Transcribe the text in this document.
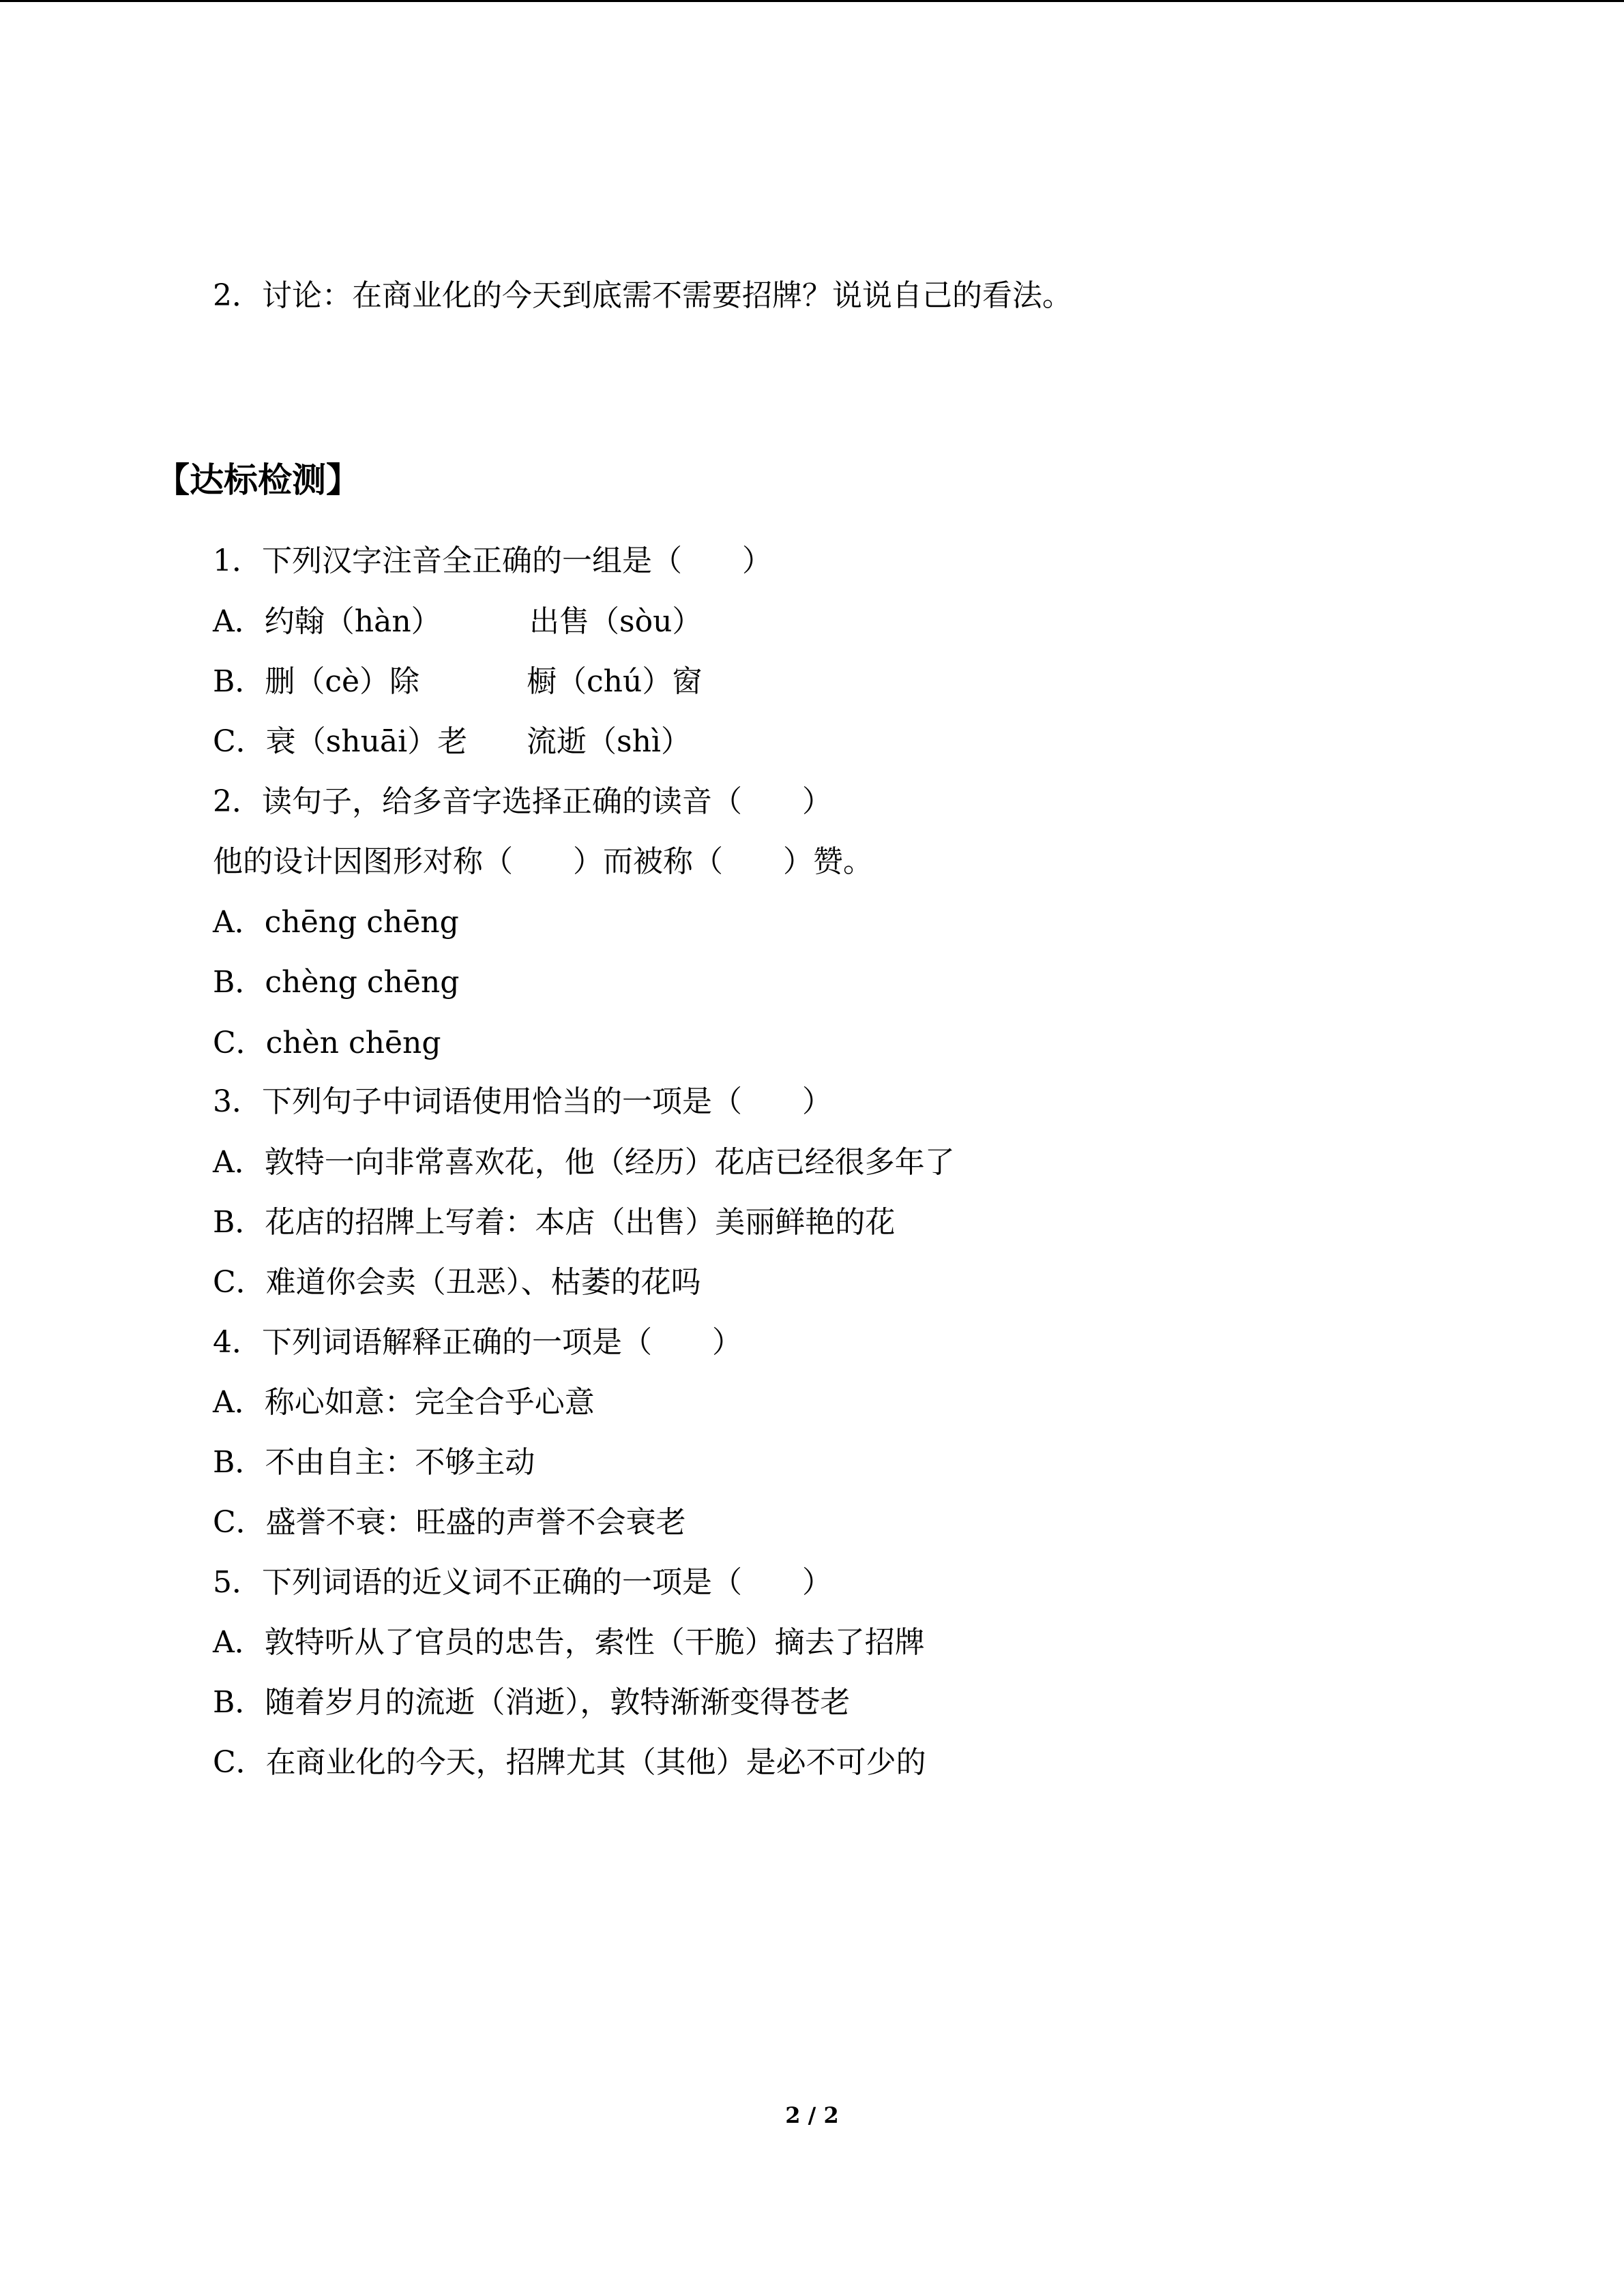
2．讨论：在商业化的今天到底需不需要招牌？说说自己的看法。

【达标检测】

1．下列汉字注音全正确的一组是（　　）

A．约翰（hàn）	出售（sòu）

B．删（cè）除	橱（chú）窗

C．衰（shuāi）老 流逝（shì）

2．读句子，给多音字选择正确的读音（　　）

他的设计因图形对称（　　）而被称（　　）赞。

A．chēng chēng

B．chèng chēng

C．chèn chēng

3．下列句子中词语使用恰当的一项是（　　）

A．敦特一向非常喜欢花，他（经历）花店已经很多年了

B．花店的招牌上写着：本店（出售）美丽鲜艳的花

C．难道你会卖（丑恶）、枯萎的花吗

4．下列词语解释正确的一项是（　　）

A．称心如意：完全合乎心意

B．不由自主：不够主动

C．盛誉不衰：旺盛的声誉不会衰老

5．下列词语的近义词不正确的一项是（　　）

A．敦特听从了官员的忠告，索性（干脆）摘去了招牌

B．随着岁月的流逝（消逝），敦特渐渐变得苍老

C．在商业化的今天，招牌尤其（其他）是必不可少的

2 / 2
